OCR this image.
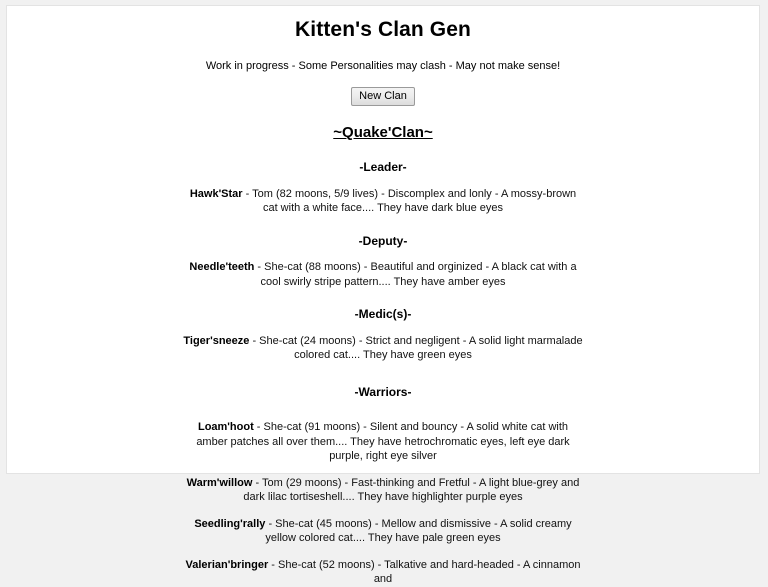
Kitten's Clan Gen

Work in progress - Some Personalities may clash - May not make sense!

New Clan
~Quake'Clan~
-Leader-

Hawk'Star - Tom (82 moons, 5/9 lives) - Discomplex and lonly - A mossy-brown cat with a white face.... They have dark blue eyes

-Deputy-

Needle'teeth - She-cat (88 moons) - Beautiful and orginized - A black cat with a cool swirly stripe pattern.... They have amber eyes

-Medic(s)-

Tiger'sneeze - She-cat (24 moons) - Strict and negligent - A solid light marmalade colored cat.... They have green eyes

-Warriors-

Loam'hoot - She-cat (91 moons) - Silent and bouncy - A solid white cat with amber patches all over them.... They have hetrochromatic eyes, left eye dark purple, right eye silver

Warm'willow - Tom (29 moons) - Fast-thinking and Fretful - A light blue-grey and dark lilac tortiseshell.... They have highlighter purple eyes

Seedling'rally - She-cat (45 moons) - Mellow and dismissive - A solid creamy yellow colored cat.... They have pale green eyes

Valerian'bringer - She-cat (52 moons) - Talkative and hard-headed - A cinnamon and
